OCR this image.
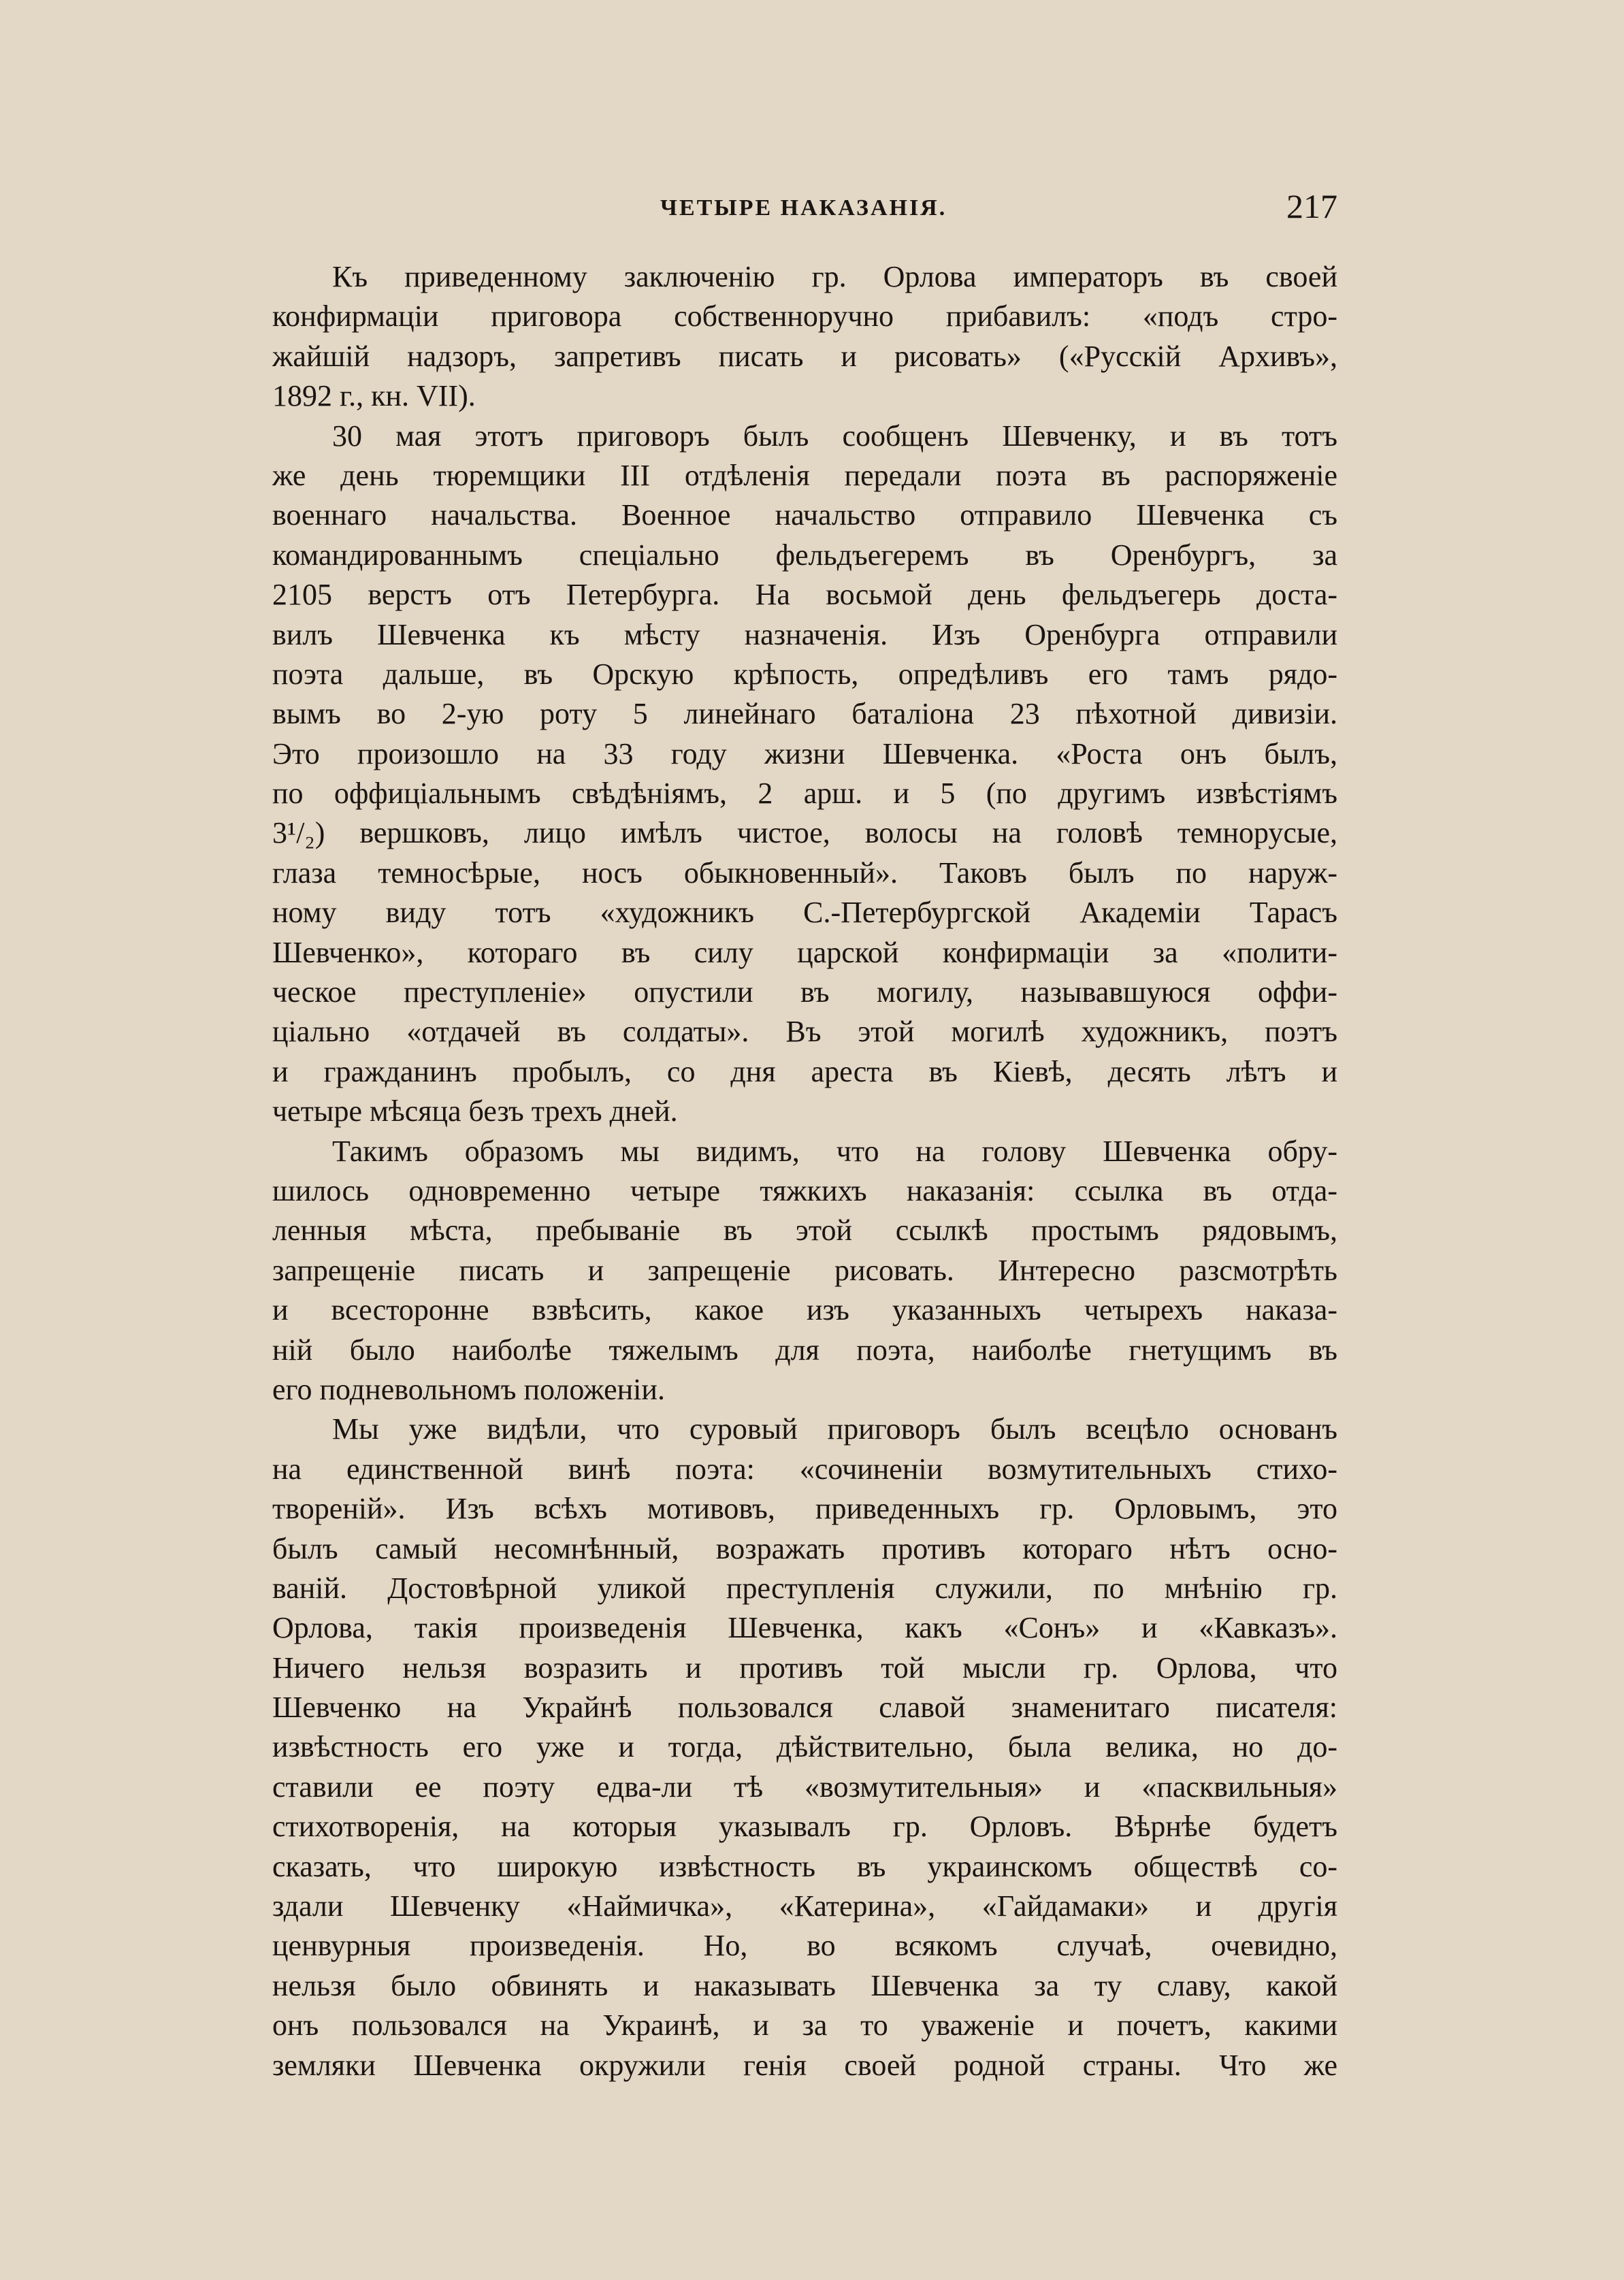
ЧЕТЫРЕ НАКАЗАНІЯ.	217
Къ приведенному заключенію гр. Орлова императоръ въ своей
конфирмаціи приговора собственноручно прибавилъ: «подъ стро-
жайшій надзоръ, запретивъ писать и рисовать» («Русскій Архивъ»,
1892 г., кн. VII).
30 мая этотъ приговоръ былъ сообщенъ Шевченку, и въ тотъ
же день тюремщики III отдѣленія передали поэта въ распоряженіе
военнаго начальства. Военное начальство отправило Шевченка съ
командированнымъ спеціально фельдъегеремъ въ Оренбургъ, за
2105 верстъ отъ Петербурга. На восьмой день фельдъегерь доста-
вилъ Шевченка къ мѣсту назначенія. Изъ Оренбурга отправили
поэта дальше, въ Орскую крѣпость, опредѣливъ его тамъ рядо-
вымъ во 2-ую роту 5 линейнаго баталіона 23 пѣхотной дивизіи.
Это произошло на 33 году жизни Шевченка. «Роста онъ былъ,
по оффиціальнымъ свѣдѣніямъ, 2 арш. и 5 (по другимъ извѣстіямъ
3¹/₂) вершковъ, лицо имѣлъ чистое, волосы на головѣ темнорусые,
глаза темносѣрые, носъ обыкновенный». Таковъ былъ по наруж-
ному виду тотъ «художникъ С.-Петербургской Академіи Тарасъ
Шевченко», котораго въ силу царской конфирмаціи за «полити-
ческое преступленіе» опустили въ могилу, называвшуюся оффи-
ціально «отдачей въ солдаты». Въ этой могилѣ художникъ, поэтъ
и гражданинъ пробылъ, со дня ареста въ Кіевѣ, десять лѣтъ и
четыре мѣсяца безъ трехъ дней.
Такимъ образомъ мы видимъ, что на голову Шевченка обру-
шилось одновременно четыре тяжкихъ наказанія: ссылка въ отда-
ленныя мѣста, пребываніе въ этой ссылкѣ простымъ рядовымъ,
запрещеніе писать и запрещеніе рисовать. Интересно разсмотрѣть
и всесторонне взвѣсить, какое изъ указанныхъ четырехъ наказа-
ній было наиболѣе тяжелымъ для поэта, наиболѣе гнетущимъ въ
его подневольномъ положеніи.
Мы уже видѣли, что суровый приговоръ былъ всецѣло основанъ
на единственной винѣ поэта: «сочиненіи возмутительныхъ стихо-
твореній». Изъ всѣхъ мотивовъ, приведенныхъ гр. Орловымъ, это
былъ самый несомнѣнный, возражать противъ котораго нѣтъ осно-
ваній. Достовѣрной уликой преступленія служили, по мнѣнію гр.
Орлова, такія произведенія Шевченка, какъ «Сонъ» и «Кавказъ».
Ничего нельзя возразить и противъ той мысли гр. Орлова, что
Шевченко на Украйнѣ пользовался славой знаменитаго писателя:
извѣстность его уже и тогда, дѣйствительно, была велика, но до-
ставили ее поэту едва-ли тѣ «возмутительныя» и «пасквильныя»
стихотворенія, на которыя указывалъ гр. Орловъ. Вѣрнѣе будетъ
сказать, что широкую извѣстность въ украинскомъ обществѣ со-
здали Шевченку «Наймичка», «Катерина», «Гайдамаки» и другія
ценвурныя произведенія. Но, во всякомъ случаѣ, очевидно,
нельзя было обвинять и наказывать Шевченка за ту славу, какой
онъ пользовался на Украинѣ, и за то уваженіе и почетъ, какими
земляки Шевченка окружили генія своей родной страны. Что же
